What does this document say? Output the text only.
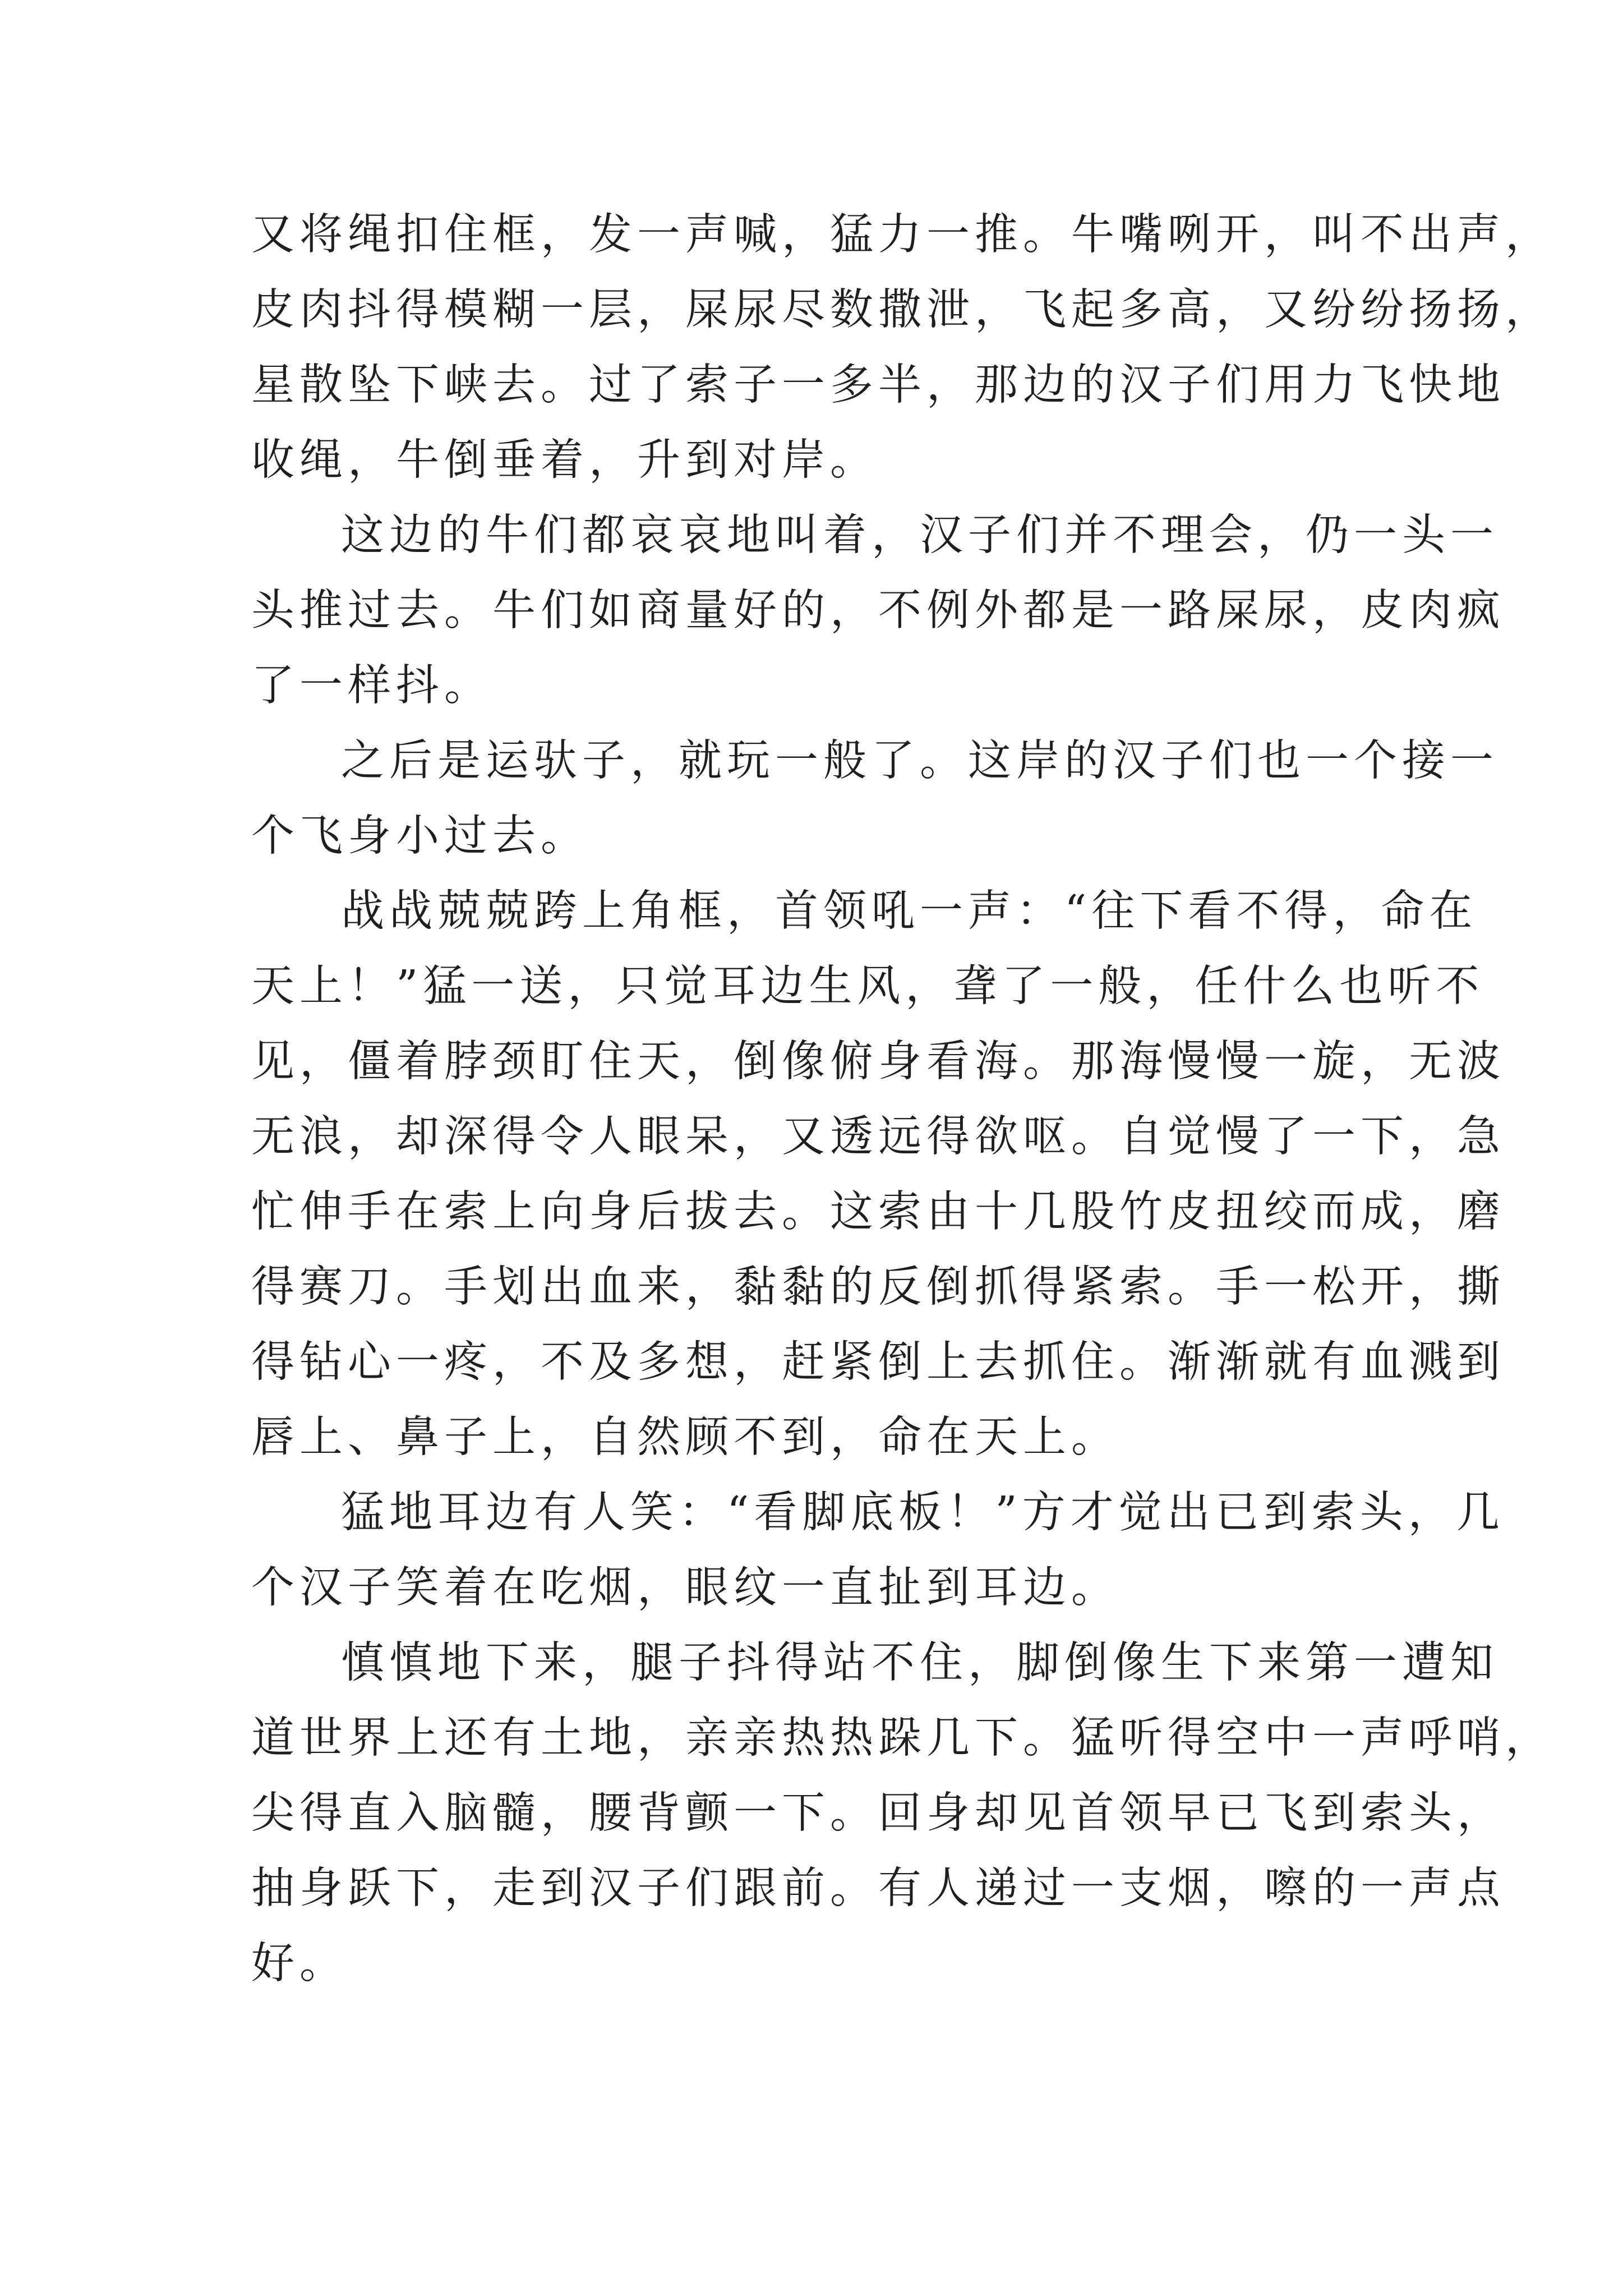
又将绳扣住框，发一声喊，猛力一推。牛嘴咧开，叫不出声，
皮肉抖得模糊一层，屎尿尽数撒泄，飞起多高，又纷纷扬扬，
星散坠下峡去。过了索子一多半，那边的汉子们用力飞快地
收绳，牛倒垂着，升到对岸。
这边的牛们都哀哀地叫着，汉子们并不理会，仍一头一
头推过去。牛们如商量好的，不例外都是一路屎尿，皮肉疯
了一样抖。
之后是运驮子，就玩一般了。这岸的汉子们也一个接一
个飞身小过去。
战战兢兢跨上角框，首领吼一声：“往下看不得，命在
天上！”猛一送，只觉耳边生风，聋了一般，任什么也听不
见，僵着脖颈盯住天，倒像俯身看海。那海慢慢一旋，无波
无浪，却深得令人眼呆，又透远得欲呕。自觉慢了一下，急
忙伸手在索上向身后拔去。这索由十几股竹皮扭绞而成，磨
得赛刀。手划出血来，黏黏的反倒抓得紧索。手一松开，撕
得钻心一疼，不及多想，赶紧倒上去抓住。渐渐就有血溅到
唇上、鼻子上，自然顾不到，命在天上。
猛地耳边有人笑：“看脚底板！”方才觉出已到索头，几
个汉子笑着在吃烟，眼纹一直扯到耳边。
慎慎地下来，腿子抖得站不住，脚倒像生下来第一遭知
道世界上还有土地，亲亲热热跺几下。猛听得空中一声呼哨，
尖得直入脑髓，腰背颤一下。回身却见首领早已飞到索头，
抽身跃下，走到汉子们跟前。有人递过一支烟，嚓的一声点
好。
